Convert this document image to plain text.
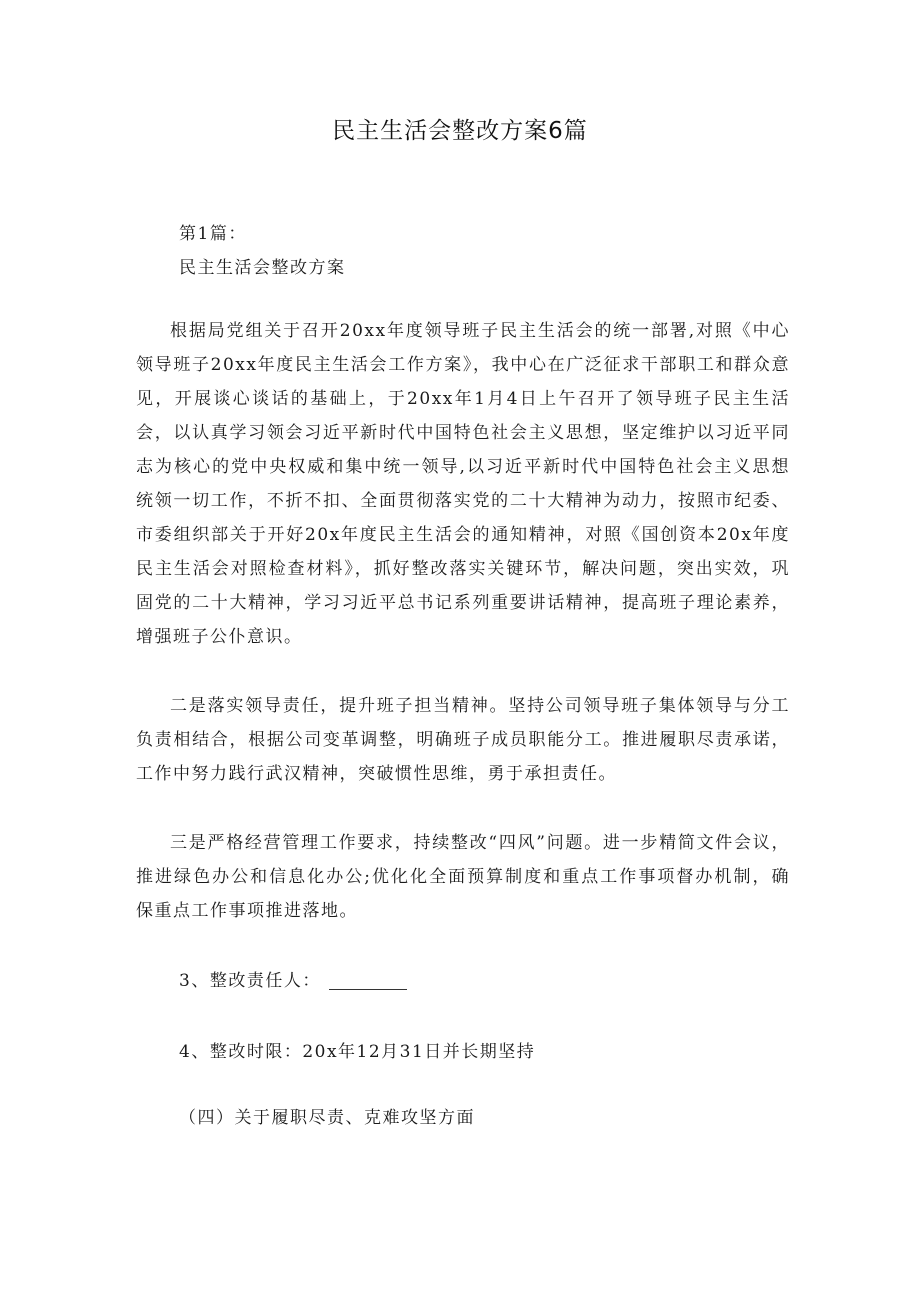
民主生活会整改方案6篇
第1篇：
民主生活会整改方案
根据局党组关于召开20xx年度领导班子民主生活会的统一部署,对照《中心领导班子20xx年度民主生活会工作方案》，我中心在广泛征求干部职工和群众意见，开展谈心谈话的基础上，于20xx年1月4日上午召开了领导班子民主生活会，以认真学习领会习近平新时代中国特色社会主义思想，坚定维护以习近平同志为核心的党中央权威和集中统一领导,以习近平新时代中国特色社会主义思想统领一切工作，不折不扣、全面贯彻落实党的二十大精神为动力，按照市纪委、市委组织部关于开好20x年度民主生活会的通知精神，对照《国创资本20x年度民主生活会对照检查材料》，抓好整改落实关键环节，解决问题，突出实效，巩固党的二十大精神，学习习近平总书记系列重要讲话精神，提高班子理论素养，增强班子公仆意识。
二是落实领导责任，提升班子担当精神。坚持公司领导班子集体领导与分工负责相结合，根据公司变革调整，明确班子成员职能分工。推进履职尽责承诺，工作中努力践行武汉精神，突破惯性思维，勇于承担责任。
三是严格经营管理工作要求，持续整改“四风”问题。进一步精简文件会议，推进绿色办公和信息化办公;优化化全面预算制度和重点工作事项督办机制，确保重点工作事项推进落地。
3、整改责任人：
4、整改时限：20x年12月31日并长期坚持
（四）关于履职尽责、克难攻坚方面
